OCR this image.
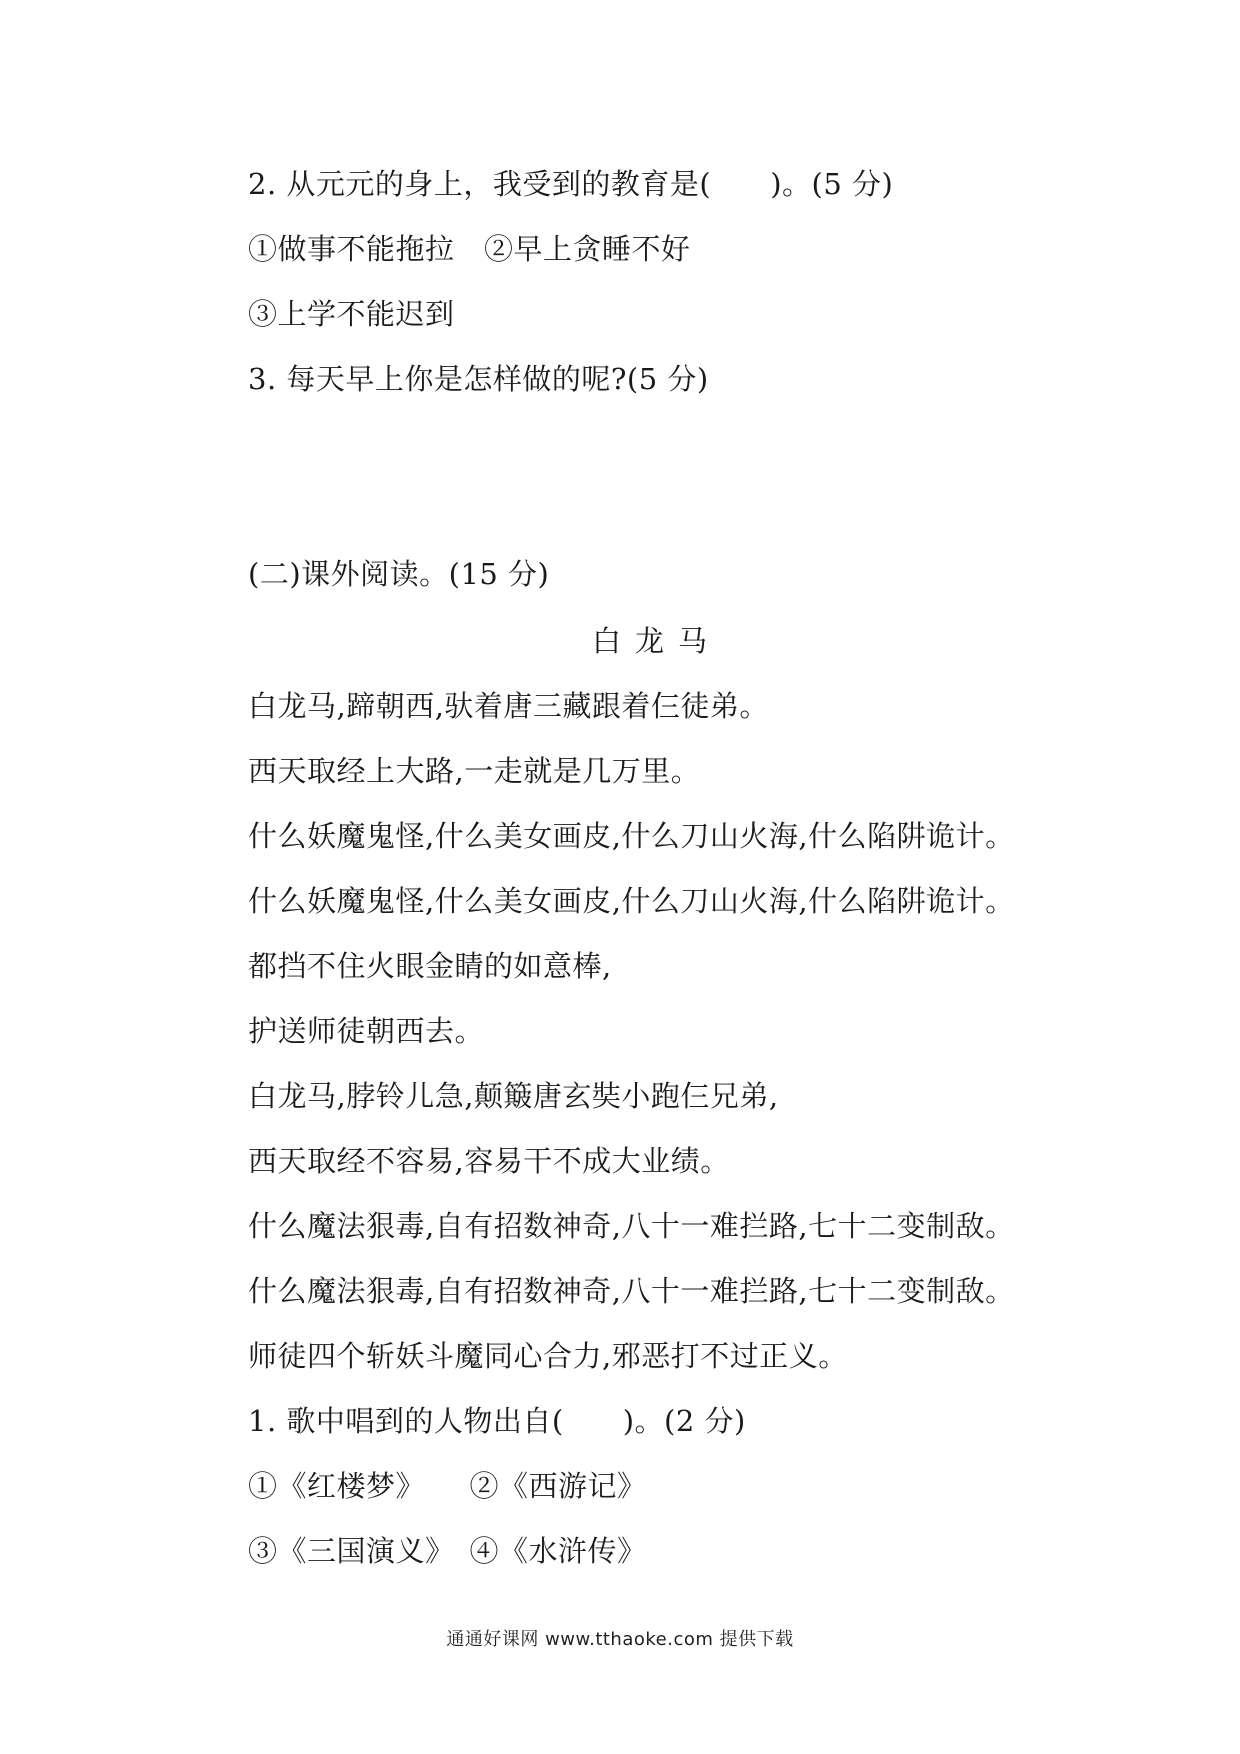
2. 从元元的身上，我受到的教育是(　　)。(5 分)
①做事不能拖拉　②早上贪睡不好
③上学不能迟到
3. 每天早上你是怎样做的呢?(5 分)
(二)课外阅读。(15 分)
白龙马
白龙马,蹄朝西,驮着唐三藏跟着仨徒弟。
西天取经上大路,一走就是几万里。
什么妖魔鬼怪,什么美女画皮,什么刀山火海,什么陷阱诡计。
什么妖魔鬼怪,什么美女画皮,什么刀山火海,什么陷阱诡计。
都挡不住火眼金睛的如意棒,
护送师徒朝西去。
白龙马,脖铃儿急,颠簸唐玄奘小跑仨兄弟,
西天取经不容易,容易干不成大业绩。
什么魔法狠毒,自有招数神奇,八十一难拦路,七十二变制敌。
什么魔法狠毒,自有招数神奇,八十一难拦路,七十二变制敌。
师徒四个斩妖斗魔同心合力,邪恶打不过正义。
1. 歌中唱到的人物出自(　　)。(2 分)
①《红楼梦》　　②《西游记》
③《三国演义》　④《水浒传》
通通好课网 www.tthaoke.com 提供下载
